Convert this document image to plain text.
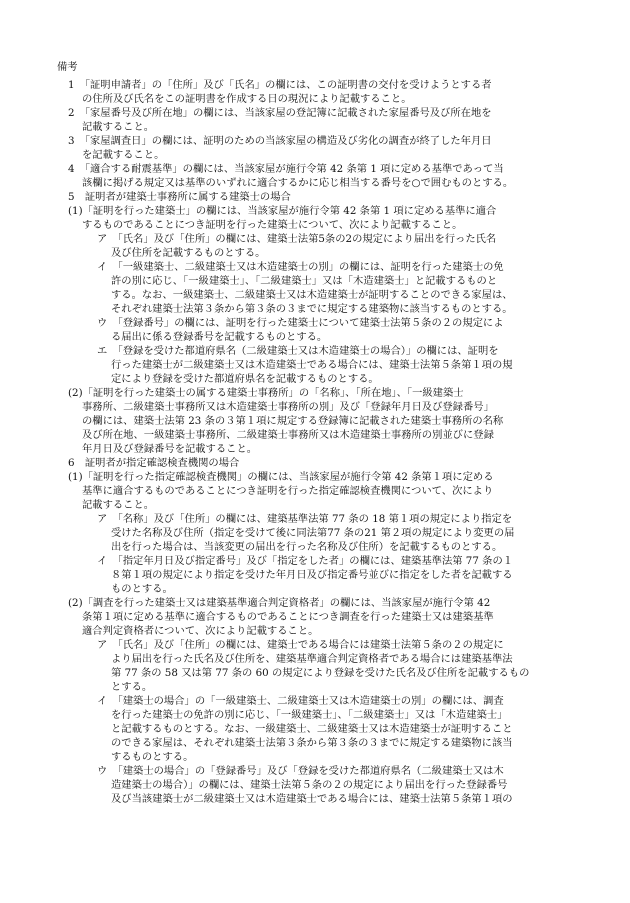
備考
1　「証明申請者」の「住所」及び「氏名」の欄には、この証明書の交付を受けようとする者
の住所及び氏名をこの証明書を作成する日の現況により記載すること。
2　「家屋番号及び所在地」の欄には、当該家屋の登記簿に記載された家屋番号及び所在地を
記載すること。
3　「家屋調査日」の欄には、証明のための当該家屋の構造及び劣化の調査が終了した年月日
を記載すること。
4　「適合する耐震基準」の欄には、当該家屋が施行令第 42 条第 1 項に定める基準であって当
該欄に掲げる規定又は基準のいずれに適合するかに応じ相当する番号を○で囲むものとする。
5　証明者が建築士事務所に属する建築士の場合
(1)「証明を行った建築士」の欄には、当該家屋が施行令第 42 条第 1 項に定める基準に適合
するものであることにつき証明を行った建築士について、次により記載すること。
ア　「氏名」及び「住所」の欄には、建築士法第5条の2の規定により届出を行った氏名
及び住所を記載するものとする。
イ　「一級建築士、二級建築士又は木造建築士の別」の欄には、証明を行った建築士の免
許の別に応じ、「一級建築士」、「二級建築士」又は「木造建築士」と記載するものと
する。なお、一級建築士、二級建築士又は木造建築士が証明することのできる家屋は、
それぞれ建築士法第３条から第３条の３までに規定する建築物に該当するものとする。
ウ　「登録番号」の欄には、証明を行った建築士について建築士法第５条の２の規定によ
る届出に係る登録番号を記載するものとする。
エ　「登録を受けた都道府県名（二級建築士又は木造建築士の場合）」の欄には、証明を
行った建築士が二級建築士又は木造建築士である場合には、建築士法第５条第１項の規
定により登録を受けた都道府県名を記載するものとする。
(2)「証明を行った建築士の属する建築士事務所」の「名称」、「所在地」、「一級建築士
事務所、二級建築士事務所又は木造建築士事務所の別」及び「登録年月日及び登録番号」
の欄には、建築士法第 23 条の３第１項に規定する登録簿に記載された建築士事務所の名称
及び所在地、一級建築士事務所、二級建築士事務所又は木造建築士事務所の別並びに登録
年月日及び登録番号を記載すること。
6　証明者が指定確認検査機関の場合
(1)「証明を行った指定確認検査機関」の欄には、当該家屋が施行令第 42 条第１項に定める
基準に適合するものであることにつき証明を行った指定確認検査機関について、次により
記載すること。
ア　「名称」及び「住所」の欄には、建築基準法第 77 条の 18 第１項の規定により指定を
受けた名称及び住所（指定を受けて後に同法第77 条の21 第２項の規定により変更の届
出を行った場合は、当該変更の届出を行った名称及び住所）を記載するものとする。
イ　「指定年月日及び指定番号」及び「指定をした者」の欄には、建築基準法第 77 条の１
８第１項の規定により指定を受けた年月日及び指定番号並びに指定をした者を記載する
ものとする。
(2)「調査を行った建築士又は建築基準適合判定資格者」の欄には、当該家屋が施行令第 42
条第１項に定める基準に適合するものであることにつき調査を行った建築士又は建築基準
適合判定資格者について、次により記載すること。
ア　「氏名」及び「住所」の欄には、建築士である場合には建築士法第５条の２の規定に
より届出を行った氏名及び住所を、建築基準適合判定資格者である場合には建築基準法
第 77 条の 58 又は第 77 条の 60 の規定により登録を受けた氏名及び住所を記載するもの
とする。
イ　「建築士の場合」の「一級建築士、二級建築士又は木造建築士の別」の欄には、調査
を行った建築士の免許の別に応じ、「一級建築士」、「二級建築士」又は「木造建築士」
と記載するものとする。なお、一級建築士、二級建築士又は木造建築士が証明すること
のできる家屋は、それぞれ建築士法第３条から第３条の３までに規定する建築物に該当
するものとする。
ウ　「建築士の場合」の「登録番号」及び「登録を受けた都道府県名（二級建築士又は木
造建築士の場合）」の欄には、建築士法第５条の２の規定により届出を行った登録番号
及び当該建築士が二級建築士又は木造建築士である場合には、建築士法第５条第１項の
